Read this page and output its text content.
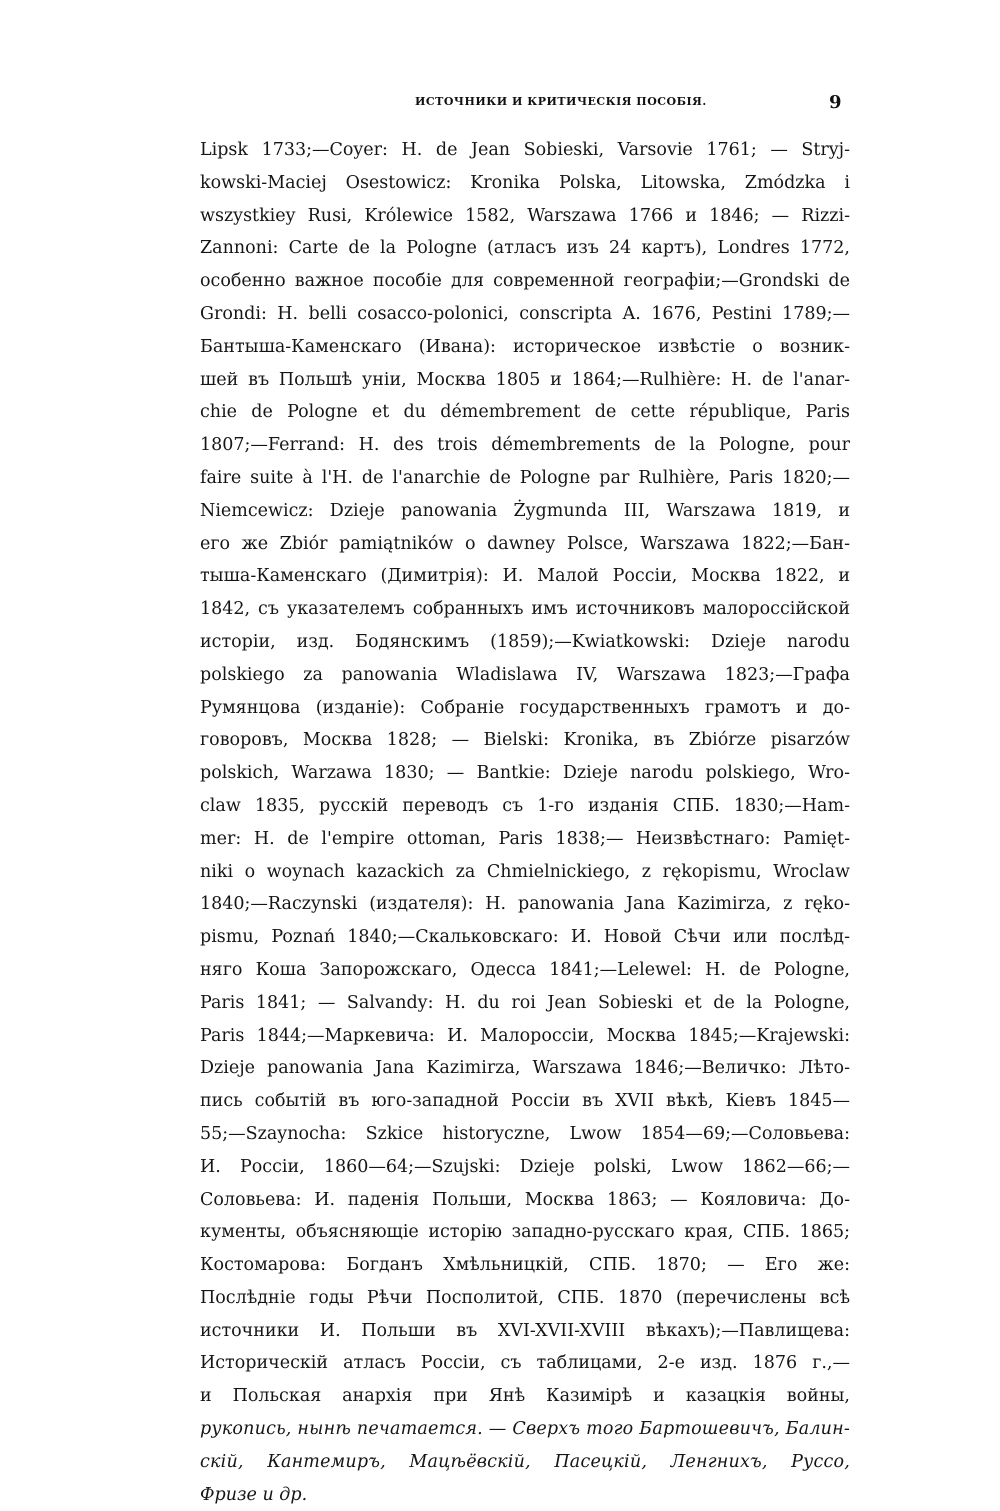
ИСТОЧНИКИ И КРИТИЧЕСКІЯ ПОСОБІЯ.	9
Lipsk 1733;—Coyer: H. de Jean Sobieski, Varsovie 1761; — Stryj-
kowski-Maciej Osestowicz: Kronika Polska, Litowska, Zmódzka i
wszystkiey Rusi, Królewice 1582, Warszawa 1766 и 1846; — Rizzi-
Zannoni: Carte de la Pologne (атласъ изъ 24 картъ), Londres 1772,
особенно важное пособіе для современной географіи;—Grondski de
Grondi: H. belli cosacco-polonici, conscripta A. 1676, Pestini 1789;—
Бантыша-Каменскаго (Ивана): историческое извѣстіе о возник-
шей въ Польшѣ уніи, Москва 1805 и 1864;—Rulhière: H. de l'anar-
chie de Pologne et du démembrement de cette république, Paris
1807;—Ferrand: H. des trois démembrements de la Pologne, pour
faire suite à l'H. de l'anarchie de Pologne par Rulhière, Paris 1820;—
Niemcewicz: Dzieje panowania Żygmunda III, Warszawa 1819, и
его же Zbiór pamiątników o dawney Polsce, Warszawa 1822;—Бан-
тыша-Каменскаго (Димитрія): И. Малой Россіи, Москва 1822, и
1842, съ указателемъ собранныхъ имъ источниковъ малороссійской
исторіи, изд. Бодянскимъ (1859);—Kwiatkowski: Dzieje narodu
polskiego za panowania Wladislawa IV, Warszawa 1823;—Графа
Румянцова (изданіе): Собраніе государственныхъ грамотъ и до-
говоровъ, Москва 1828; — Bielski: Kronika, въ Zbiórze pisarzów
polskich, Warzawa 1830; — Bantkie: Dzieje narodu polskiego, Wro-
claw 1835, русскій переводъ съ 1-го изданія СПБ. 1830;—Ham-
mer: H. de l'empire ottoman, Paris 1838;— Неизвѣстнаго: Pamięt-
niki o woynach kazackich za Chmielnickiego, z rękopismu, Wroclaw
1840;—Raczynski (издателя): H. panowania Jana Kazimirza, z ręko-
pismu, Poznań 1840;—Скальковскаго: И. Новой Сѣчи или послѣд-
няго Коша Запорожскаго, Одесса 1841;—Lelewel: H. de Pologne,
Paris 1841; — Salvandy: H. du roi Jean Sobieski et de la Pologne,
Paris 1844;—Маркевича: И. Малороссіи, Москва 1845;—Krajewski:
Dzieje panowania Jana Kazimirza, Warszawa 1846;—Величко: Лѣто-
пись событій въ юго-западной Россіи въ XVII вѣкѣ, Кіевъ 1845—
55;—Szaynocha: Szkice historyczne, Lwow 1854—69;—Соловьева:
И. Россіи, 1860—64;—Szujski: Dzieje polski, Lwow 1862—66;—
Соловьева: И. паденія Польши, Москва 1863; — Кояловича: До-
кументы, объясняющіе исторію западно-русскаго края, СПБ. 1865;
Костомарова: Богданъ Хмѣльницкій, СПБ. 1870; — Его же:
Послѣдніе годы Рѣчи Посполитой, СПБ. 1870 (перечислены всѣ
источники И. Польши въ XVI-XVII-XVIII вѣкахъ);—Павлищева:
Историческій атласъ Россіи, съ таблицами, 2-е изд. 1876 г.,—
и Польская анархія при Янѣ Казимірѣ и казацкія войны,
рукопись, нынѣ печатается. — Сверхъ того Бартошевичъ, Балин-
скій, Кантемиръ, Мацѣёвскій, Пасецкій, Ленгнихъ, Руссо,
Фризе и др.
